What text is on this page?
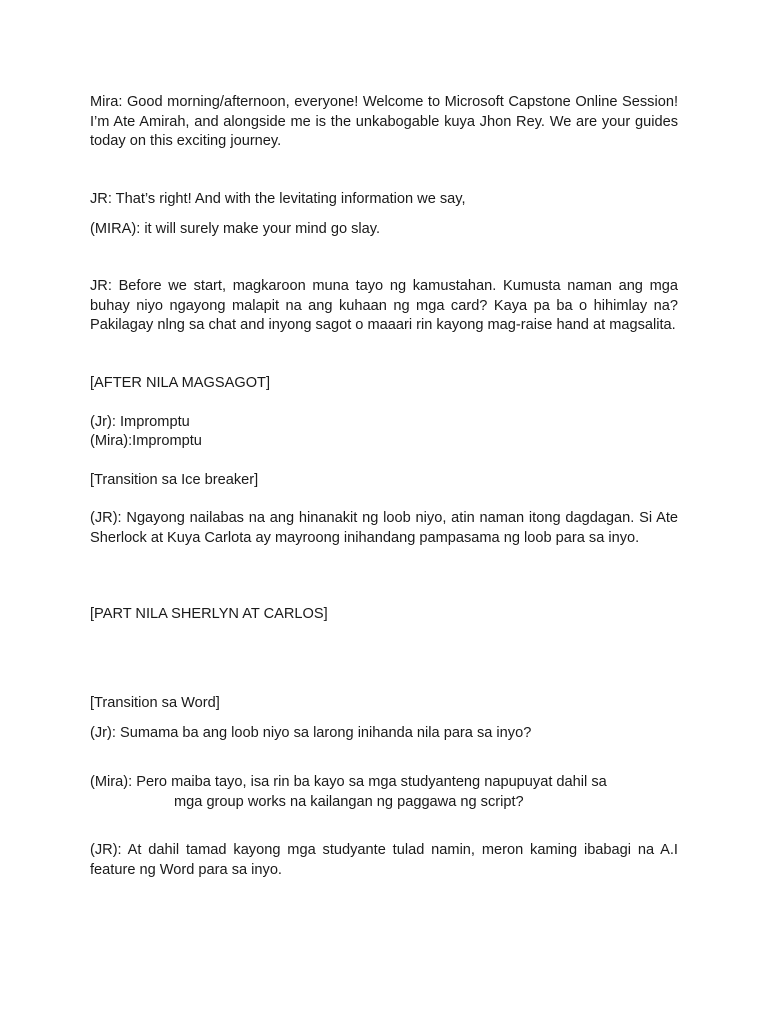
Mira: Good morning/afternoon, everyone! Welcome to Microsoft Capstone Online Session! I’m Ate Amirah, and alongside me is the unkabogable kuya Jhon Rey. We are your guides today on this exciting journey.

JR: That’s right! And with the levitating information we say,

(MIRA): it will surely make your mind go slay.

JR: Before we start, magkaroon muna tayo ng kamustahan. Kumusta naman ang mga buhay niyo ngayong malapit na ang kuhaan ng mga card? Kaya pa ba o hihimlay na? Pakilagay nlng sa chat and inyong sagot o maaari rin kayong mag-raise hand at magsalita.

[AFTER NILA MAGSAGOT]

(Jr): Impromptu

(Mira):Impromptu

[Transition sa Ice breaker]

(JR): Ngayong nailabas na ang hinanakit ng loob niyo, atin naman itong dagdagan. Si Ate Sherlock at Kuya Carlota ay mayroong inihandang pampasama ng loob para sa inyo.

[PART NILA SHERLYN AT CARLOS]

[Transition sa Word]

(Jr): Sumama ba ang loob niyo sa larong inihanda nila para sa inyo?

(Mira): Pero maiba tayo, isa rin ba kayo sa mga studyanteng napupuyat dahil sa
mga group works na kailangan ng paggawa ng script?

(JR): At dahil tamad kayong mga studyante tulad namin, meron kaming ibabagi na A.I feature ng Word para sa inyo.
